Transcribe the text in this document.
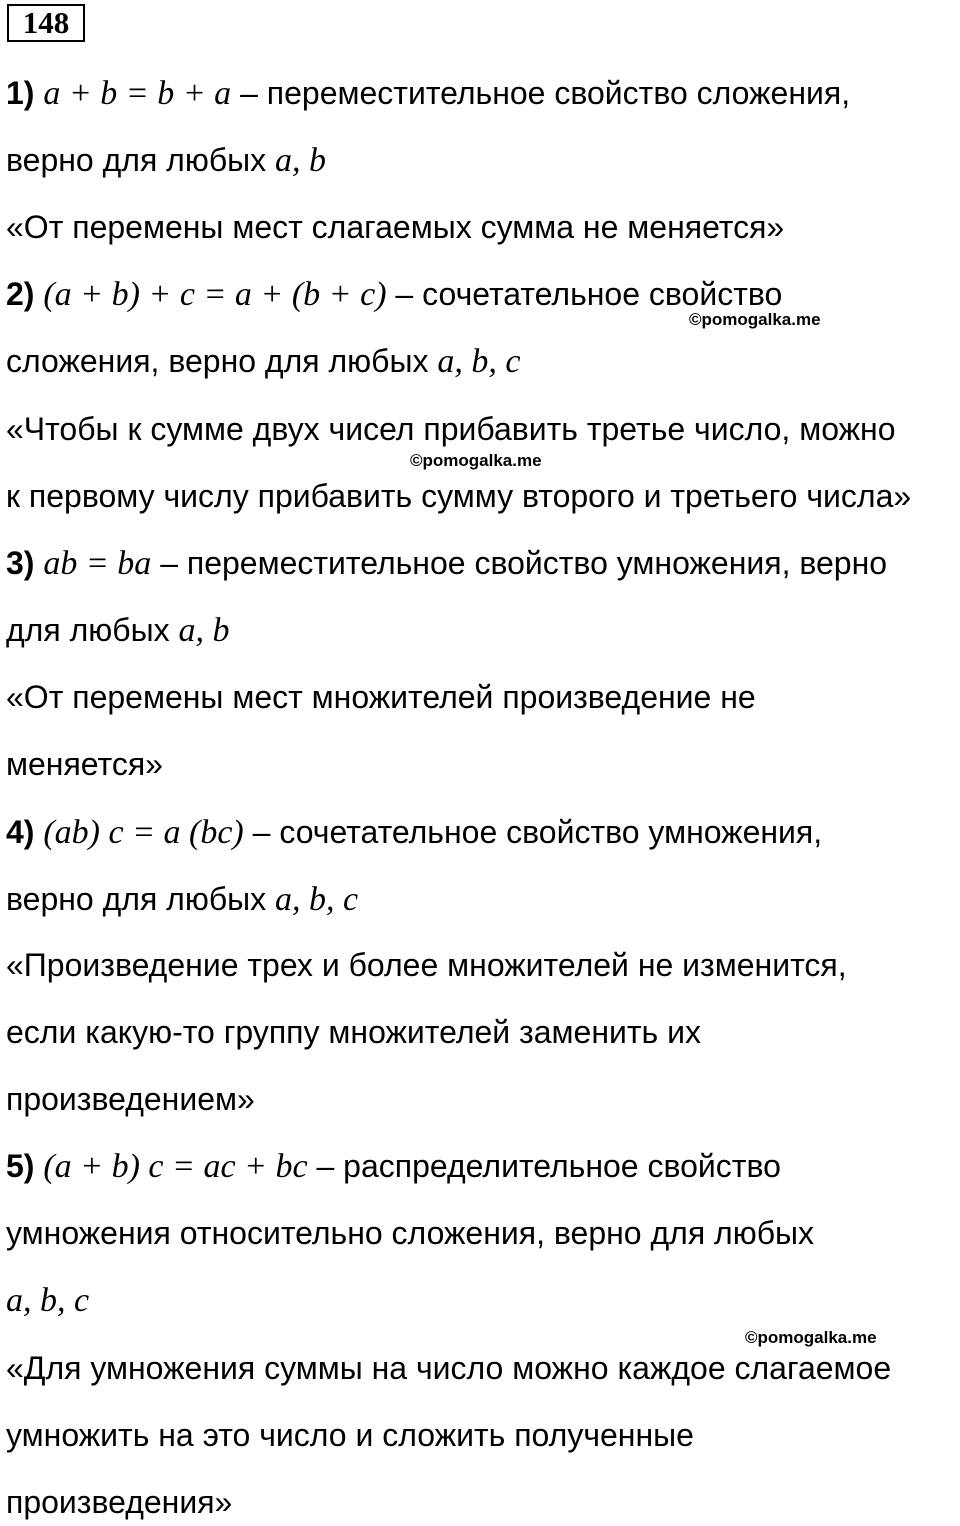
148
1) a + b = b + a – переместительное свойство сложения,
верно для любых a, b
«От перемены мест слагаемых сумма не меняется»
2) (a + b) + c = a + (b + c) – сочетательное свойство
©pomogalka.me
сложения, верно для любых a, b, c
«Чтобы к сумме двух чисел прибавить третье число, можно
©pomogalka.me
к первому числу прибавить сумму второго и третьего числа»
3) ab = ba – переместительное свойство умножения, верно
для любых a, b
«От перемены мест множителей произведение не
меняется»
4) (ab) c = a (bc) – сочетательное свойство умножения,
верно для любых a, b, c
«Произведение трех и более множителей не изменится,
если какую-то группу множителей заменить их
произведением»
5) (a + b) c = ac + bc – распределительное свойство
умножения относительно сложения, верно для любых
a, b, c
©pomogalka.me
«Для умножения суммы на число можно каждое слагаемое
умножить на это число и сложить полученные
произведения»
